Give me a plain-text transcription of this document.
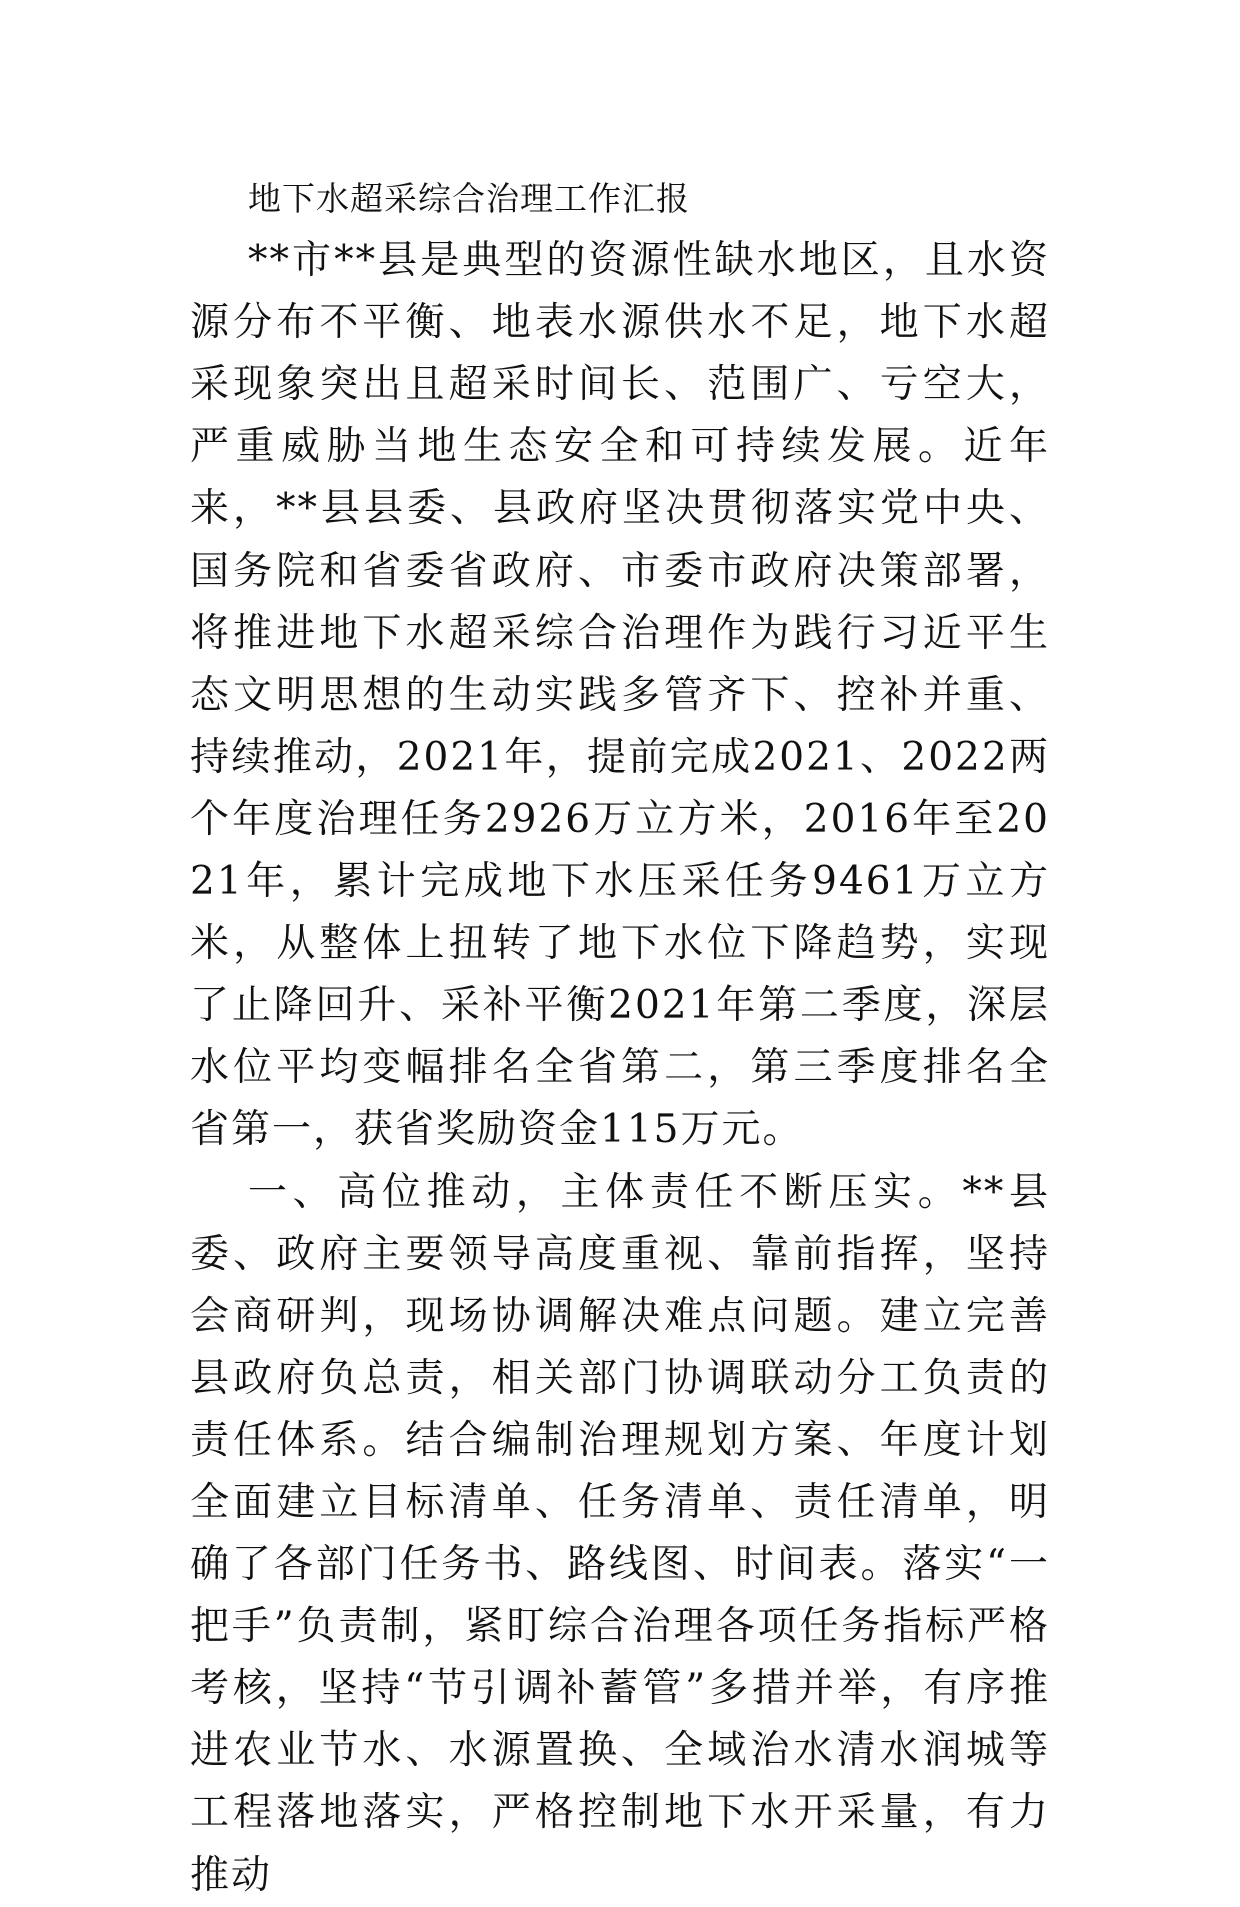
地下水超采综合治理工作汇报

**市**县是典型的资源性缺水地区，且水资源分布不平衡、地表水源供水不足，地下水超采现象突出且超采时间长、范围广、亏空大，严重威胁当地生态安全和可持续发展。近年来，**县县委、县政府坚决贯彻落实党中央、国务院和省委省政府、市委市政府决策部署，将推进地下水超采综合治理作为践行习近平生态文明思想的生动实践多管齐下、控补并重、持续推动，2021年，提前完成2021、2022两个年度治理任务2926万立方米，2016年至2021年，累计完成地下水压采任务9461万立方米，从整体上扭转了地下水位下降趋势，实现了止降回升、采补平衡2021年第二季度，深层水位平均变幅排名全省第二，第三季度排名全省第一，获省奖励资金115万元。

一、高位推动，主体责任不断压实。**县委、政府主要领导高度重视、靠前指挥，坚持会商研判，现场协调解决难点问题。建立完善县政府负总责，相关部门协调联动分工负责的责任体系。结合编制治理规划方案、年度计划全面建立目标清单、任务清单、责任清单，明确了各部门任务书、路线图、时间表。落实“一把手”负责制，紧盯综合治理各项任务指标严格考核，坚持“节引调补蓄管”多措并举，有序推进农业节水、水源置换、全域治水清水润城等工程落地落实，严格控制地下水开采量，有力推动
